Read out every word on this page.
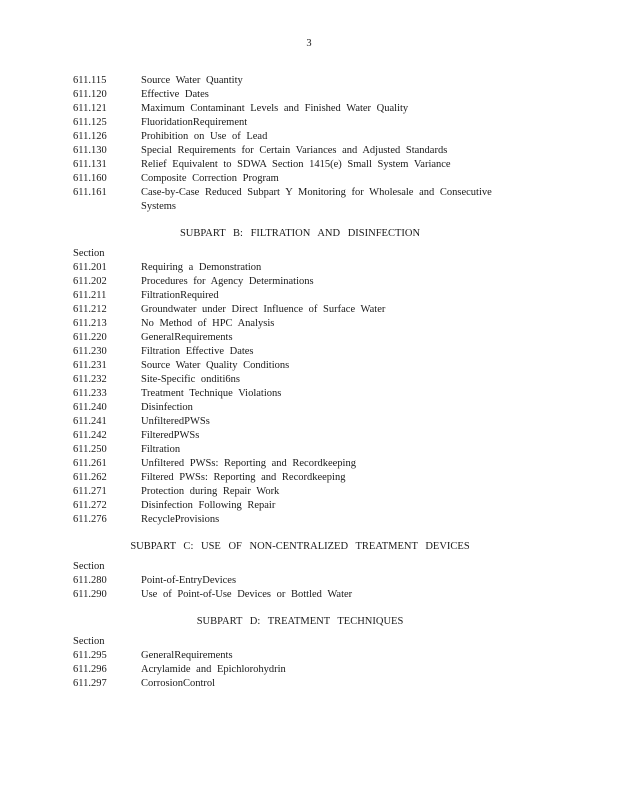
3
611.115	Source Water Quantity
611.120	Effective Dates
611.121	Maximum Contaminant Levels and Finished Water Quality
611.125	FluoridationRequirement
611.126	Prohibition on Use of Lead
611.130	Special Requirements for Certain Variances and Adjusted Standards
611.131	Relief Equivalent to SDWA Section 1415(e) Small System Variance
611.160	Composite Correction Program
611.161	Case-by-Case Reduced Subpart Y Monitoring for Wholesale and Consecutive
Systems
SUBPART B: FILTRATION AND DISINFECTION
Section
611.201	Requiring a Demonstration
611.202	Procedures for Agency Determinations
611.211	FiltrationRequired
611.212	Groundwater under Direct Influence of Surface Water
611.213	No Method of HPC Analysis
611.220	GeneralRequirements
611.230	Filtration Effective Dates
611.231	Source Water Quality Conditions
611.232	Site-Specific onditi6ns
611.233	Treatment Technique Violations
611.240	Disinfection
611.241	UnfilteredPWSs
611.242	FilteredPWSs
611.250	Filtration
611.261	Unfiltered PWSs: Reporting and Recordkeeping
611.262	Filtered PWSs: Reporting and Recordkeeping
611.271	Protection during Repair Work
611.272	Disinfection Following Repair
611.276	RecycleProvisions
SUBPART C: USE OF NON-CENTRALIZED TREATMENT DEVICES
Section
611.280	Point-of-EntryDevices
611.290	Use of Point-of-Use Devices or Bottled Water
SUBPART D: TREATMENT TECHNIQUES
Section
611.295	GeneralRequirements
611.296	Acrylamide and Epichlorohydrin
611.297	CorrosionControl
